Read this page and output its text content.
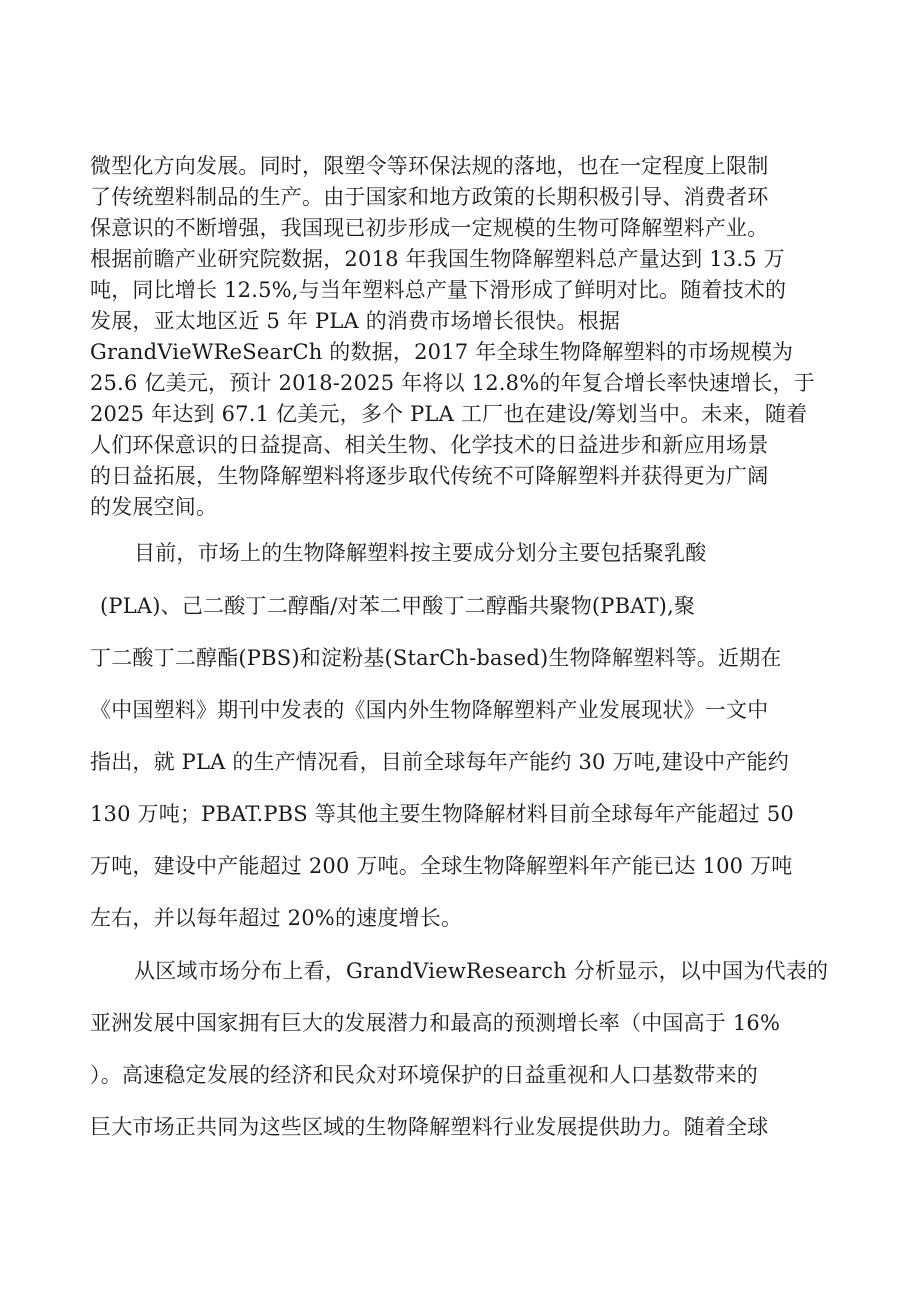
微型化方向发展。同时，限塑令等环保法规的落地，也在一定程度上限制
了传统塑料制品的生产。由于国家和地方政策的长期积极引导、消费者环
保意识的不断增强，我国现已初步形成一定规模的生物可降解塑料产业。
根据前瞻产业研究院数据，2018 年我国生物降解塑料总产量达到 13.5 万
吨，同比增长 12.5%,与当年塑料总产量下滑形成了鲜明对比。随着技术的
发展，亚太地区近 5 年 PLA 的消费市场增长很快。根据
GrandVieWReSearCh 的数据，2017 年全球生物降解塑料的市场规模为
25.6 亿美元，预计 2018-2025 年将以 12.8%的年复合增长率快速增长，于
2025 年达到 67.1 亿美元，多个 PLA 工厂也在建设/筹划当中。未来，随着
人们环保意识的日益提高、相关生物、化学技术的日益进步和新应用场景
的日益拓展，生物降解塑料将逐步取代传统不可降解塑料并获得更为广阔
的发展空间。
目前，市场上的生物降解塑料按主要成分划分主要包括聚乳酸
(PLA)、己二酸丁二醇酯/对苯二甲酸丁二醇酯共聚物(PBAT),聚
丁二酸丁二醇酯(PBS)和淀粉基(StarCh-based)生物降解塑料等。近期在
《中国塑料》期刊中发表的《国内外生物降解塑料产业发展现状》一文中
指出，就 PLA 的生产情况看，目前全球每年产能约 30 万吨,建设中产能约
130 万吨；PBAT.PBS 等其他主要生物降解材料目前全球每年产能超过 50
万吨，建设中产能超过 200 万吨。全球生物降解塑料年产能已达 100 万吨
左右，并以每年超过 20%的速度增长。
从区域市场分布上看，GrandViewResearch 分析显示，以中国为代表的
亚洲发展中国家拥有巨大的发展潜力和最高的预测增长率（中国高于 16%
）。高速稳定发展的经济和民众对环境保护的日益重视和人口基数带来的
巨大市场正共同为这些区域的生物降解塑料行业发展提供助力。随着全球
